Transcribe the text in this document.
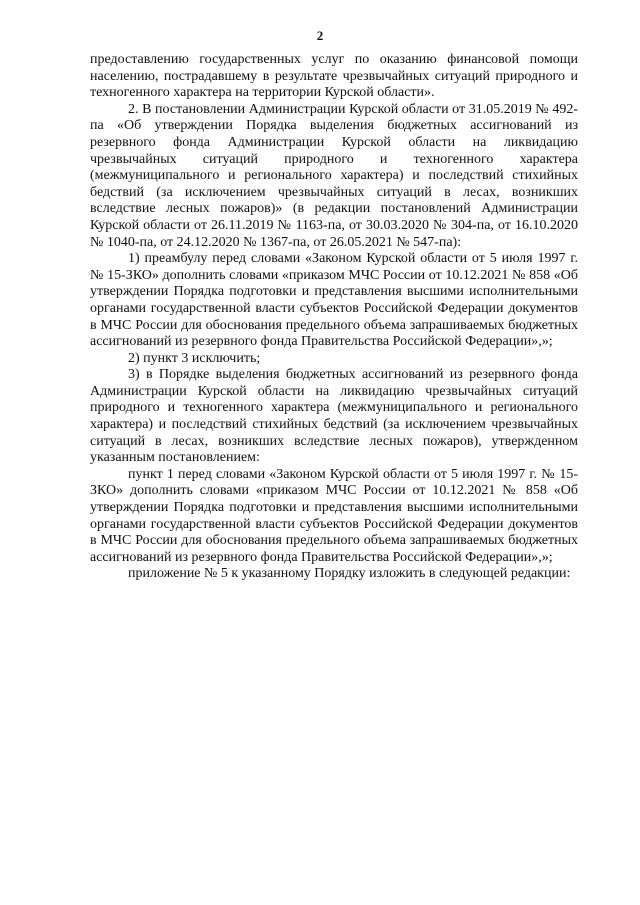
2

предоставлению государственных услуг по оказанию финансовой помощи населению, пострадавшему в результате чрезвычайных ситуаций природного и техногенного характера на территории Курской области».

2. В постановлении Администрации Курской области от 31.05.2019 № 492-па «Об утверждении Порядка выделения бюджетных ассигнований из резервного фонда Администрации Курской области на ликвидацию чрезвычайных ситуаций природного и техногенного характера (межмуниципального и регионального характера) и последствий стихийных бедствий (за исключением чрезвычайных ситуаций в лесах, возникших вследствие лесных пожаров)» (в редакции постановлений Администрации Курской области от 26.11.2019 № 1163-па, от 30.03.2020 № 304-па, от 16.10.2020 № 1040-па, от 24.12.2020 № 1367-па, от 26.05.2021 № 547-па):

1) преамбулу перед словами «Законом Курской области от 5 июля 1997 г. № 15-ЗКО» дополнить словами «приказом МЧС России от 10.12.2021 № 858 «Об утверждении Порядка подготовки и представления высшими исполнительными органами государственной власти субъектов Российской Федерации документов в МЧС России для обоснования предельного объема запрашиваемых бюджетных ассигнований из резервного фонда Правительства Российской Федерации»,»;

2) пункт 3 исключить;

3) в Порядке выделения бюджетных ассигнований из резервного фонда Администрации Курской области на ликвидацию чрезвычайных ситуаций природного и техногенного характера (межмуниципального и регионального характера) и последствий стихийных бедствий (за исключением чрезвычайных ситуаций в лесах, возникших вследствие лесных пожаров), утвержденном указанным постановлением:

пункт 1 перед словами «Законом Курской области от 5 июля 1997 г. № 15-ЗКО» дополнить словами «приказом МЧС России от 10.12.2021 № 858 «Об утверждении Порядка подготовки и представления высшими исполнительными органами государственной власти субъектов Российской Федерации документов в МЧС России для обоснования предельного объема запрашиваемых бюджетных ассигнований из резервного фонда Правительства Российской Федерации»,»;

приложение № 5 к указанному Порядку изложить в следующей редакции:
